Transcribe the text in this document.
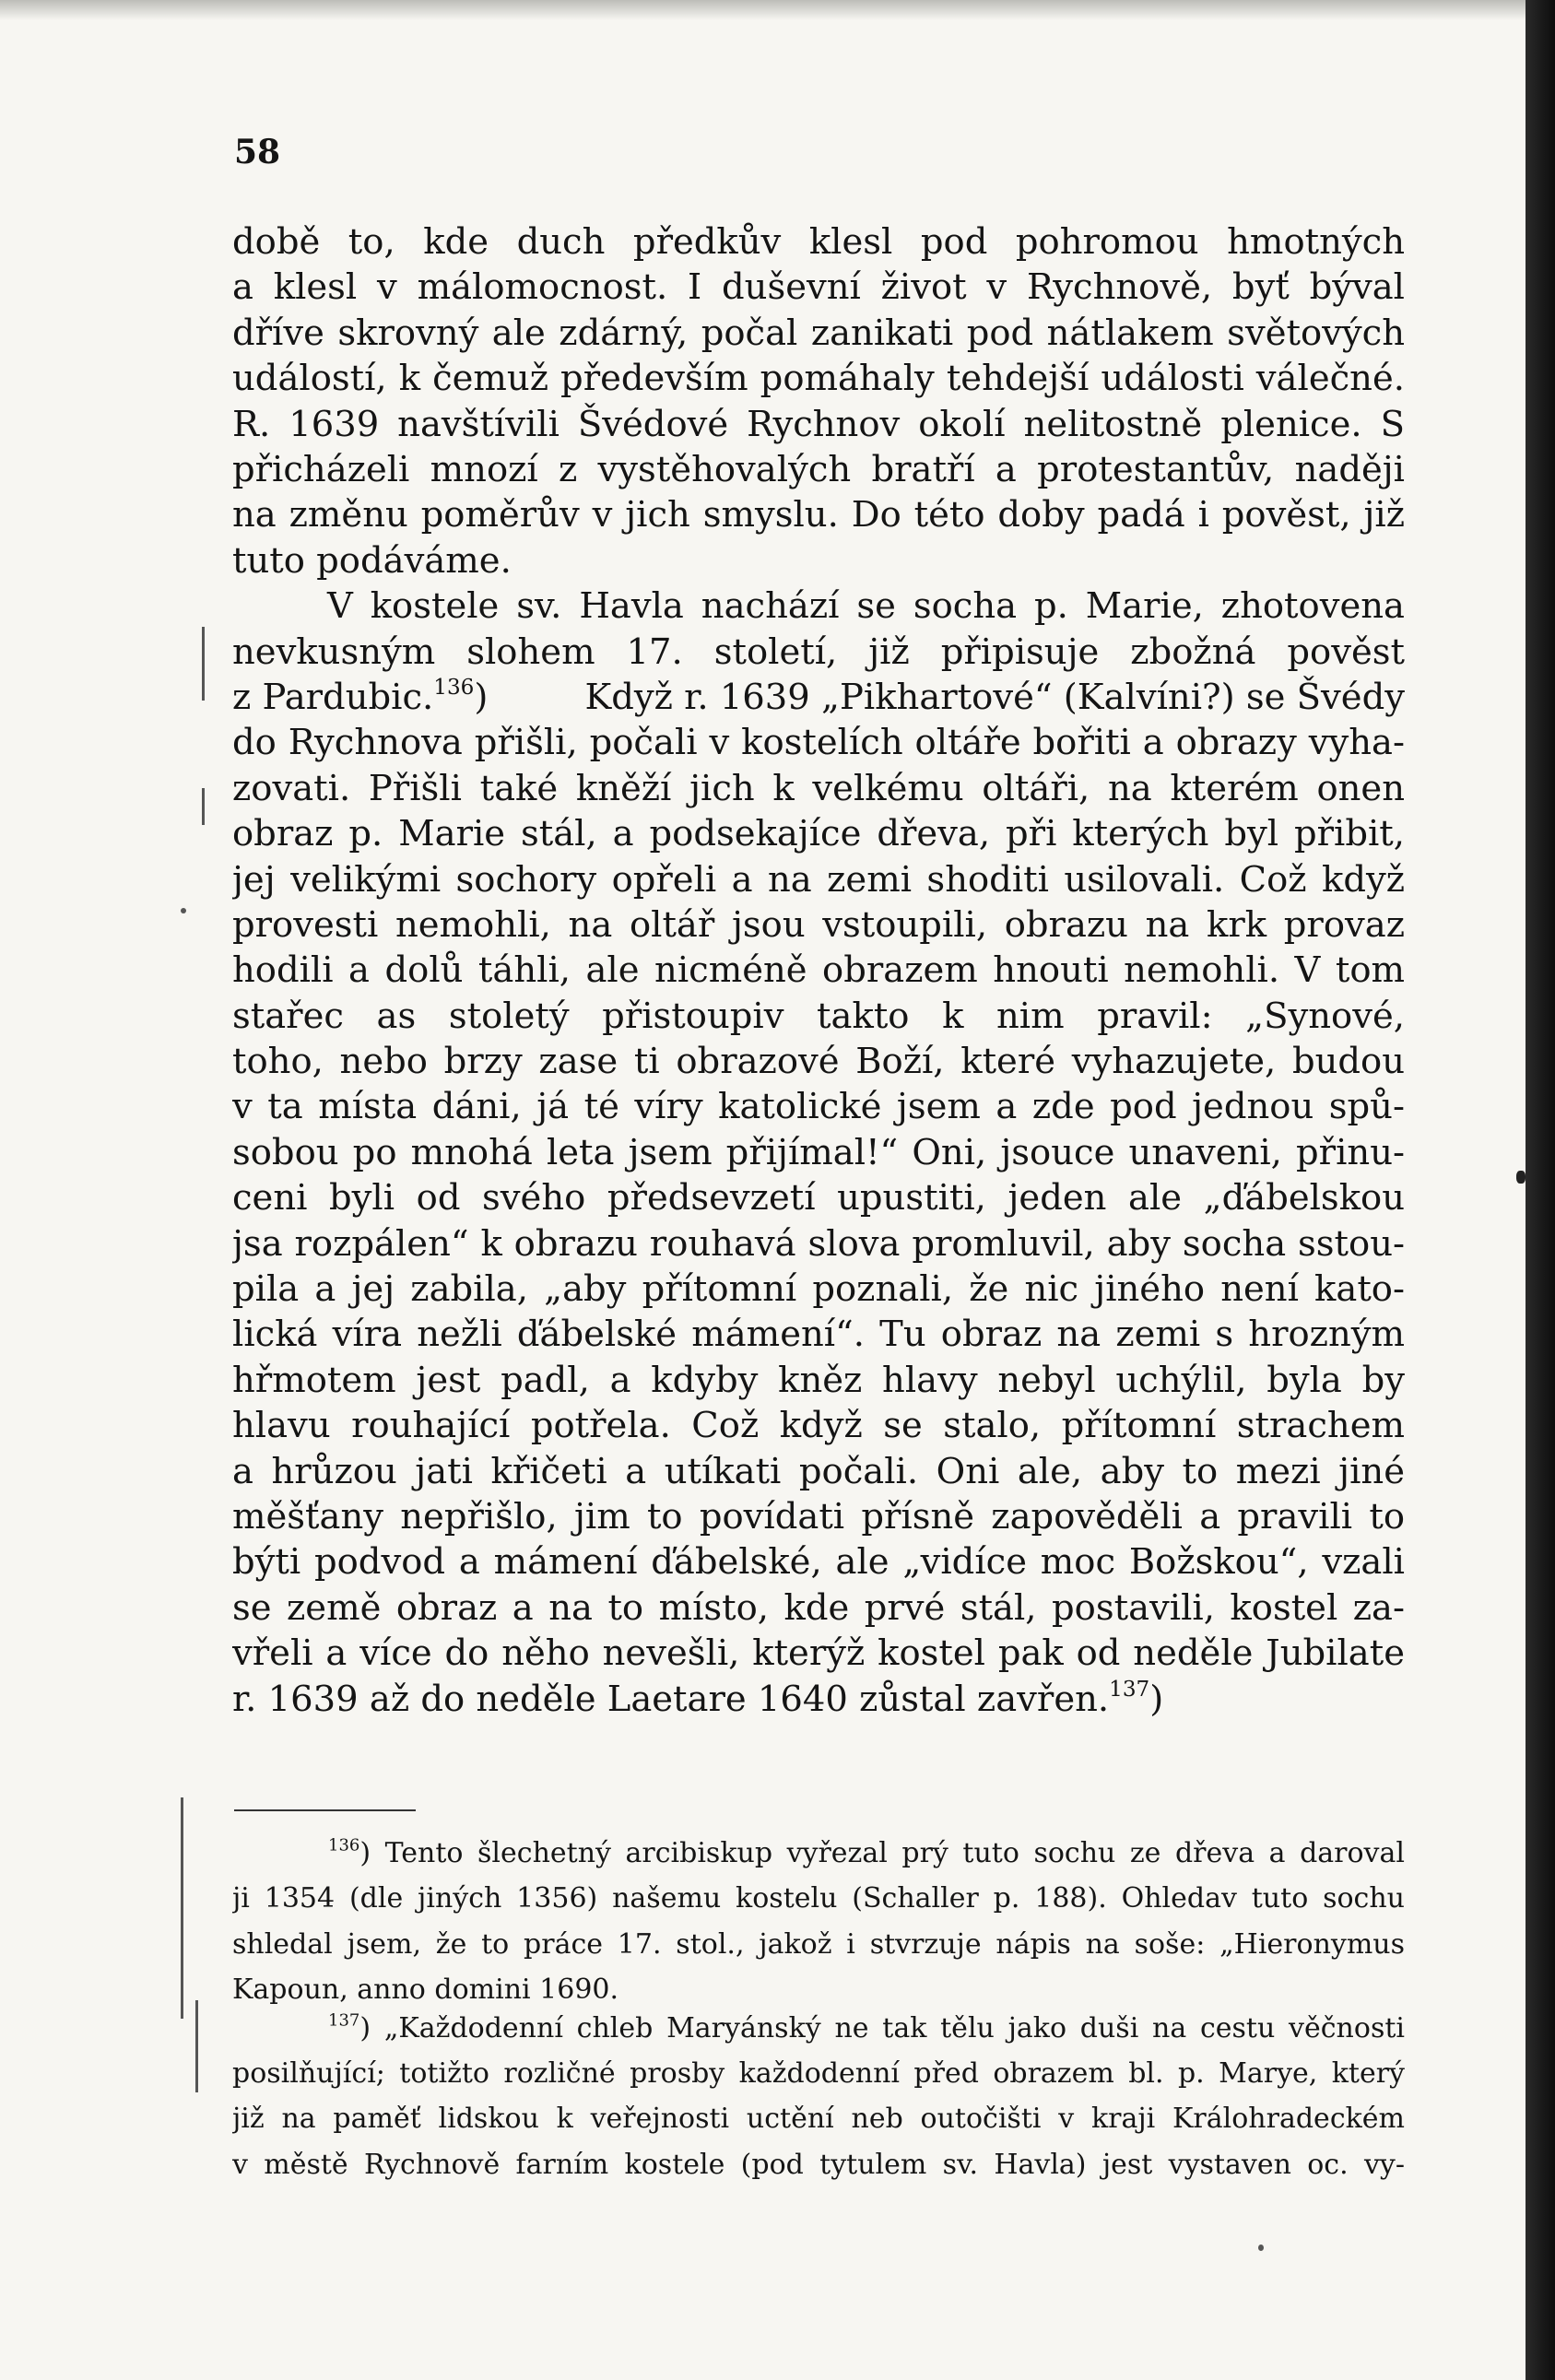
58
době to, kde duch předkův klesl pod pohromou hmotných
a klesl v málomocnost. I duševní život v Rychnově, byť býval
dříve skrovný ale zdárný, počal zanikati pod nátlakem světových
událostí, k čemuž především pomáhaly tehdejší události válečné.
R. 1639 navštívili Švédové Rychnov okolí nelitostně plenice. S
přicházeli mnozí z vystěhovalých bratří a protestantův, naději
na změnu poměrův v jich smyslu. Do této doby padá i pověst, již
tuto podáváme.
V kostele sv. Havla nachází se socha p. Marie, zhotovena
nevkusným slohem 17. století, již připisuje zbožná pověst
z Pardubic.$^{136}$)	Když r. 1639 „Pikhartové“ (Kalvíni?) se Švédy
do Rychnova přišli, počali v kostelích oltáře bořiti a obrazy vyha-
zovati. Přišli také kněží jich k velkému oltáři, na kterém onen
obraz p. Marie stál, a podsekajíce dřeva, při kterých byl přibit,
jej velikými sochory opřeli a na zemi shoditi usilovali. Což když
provesti nemohli, na oltář jsou vstoupili, obrazu na krk provaz
hodili a dolů táhli, ale nicméně obrazem hnouti nemohli. V tom
stařec as stoletý přistoupiv takto k nim pravil: „Synové,
toho, nebo brzy zase ti obrazové Boží, které vyhazujete, budou
v ta místa dáni, já té víry katolické jsem a zde pod jednou spů-
sobou po mnohá leta jsem přijímal!“ Oni, jsouce unaveni, přinu-
ceni byli od svého předsevzetí upustiti, jeden ale „ďábelskou
jsa rozpálen“ k obrazu rouhavá slova promluvil, aby socha sstou-
pila a jej zabila, „aby přítomní poznali, že nic jiného není kato-
lická víra nežli ďábelské mámení“. Tu obraz na zemi s hrozným
hřmotem jest padl, a kdyby kněz hlavy nebyl uchýlil, byla by
hlavu rouhající potřela. Což když se stalo, přítomní strachem
a hrůzou jati křičeti a utíkati počali. Oni ale, aby to mezi jiné
měšťany nepřišlo, jim to povídati přísně zapověděli a pravili to
býti podvod a mámení ďábelské, ale „vidíce moc Božskou“, vzali
se země obraz a na to místo, kde prvé stál, postavili, kostel za-
vřeli a více do něho nevešli, kterýž kostel pak od neděle Jubilate
r. 1639 až do neděle Laetare 1640 zůstal zavřen.$^{137}$)
$^{136}$) Tento šlechetný arcibiskup vyřezal prý tuto sochu ze dřeva a daroval
ji 1354 (dle jiných 1356) našemu kostelu (Schaller p. 188). Ohledav tuto sochu
shledal jsem, že to práce 17. stol., jakož i stvrzuje nápis na soše: „Hieronymus
Kapoun, anno domini 1690.
$^{137}$) „Každodenní chleb Maryánský ne tak tělu jako duši na cestu věčnosti
posilňující; totižto rozličné prosby každodenní před obrazem bl. p. Marye, který
již na paměť lidskou k veřejnosti uctění neb outočišti v kraji Králohradeckém
v městě Rychnově farním kostele (pod tytulem sv. Havla) jest vystaven oc. vy-
